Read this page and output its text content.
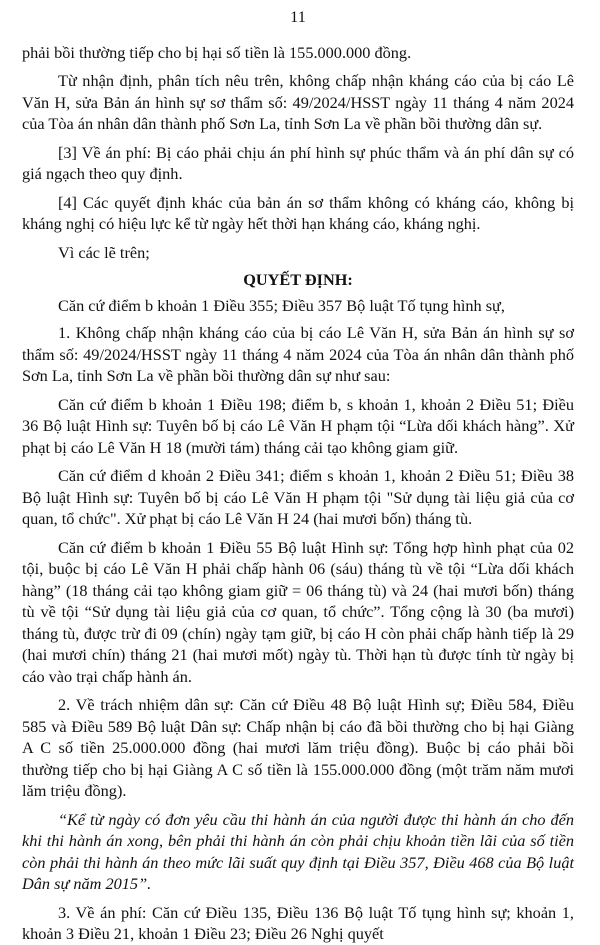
11

phải bồi thường tiếp cho bị hại số tiền là 155.000.000 đồng.

Từ nhận định, phân tích nêu trên, không chấp nhận kháng cáo của bị cáo Lê Văn H, sửa Bản án hình sự sơ thẩm số: 49/2024/HSST ngày 11 tháng 4 năm 2024 của Tòa án nhân dân thành phố Sơn La, tỉnh Sơn La về phần bồi thường dân sự.

[3] Về án phí: Bị cáo phải chịu án phí hình sự phúc thẩm và án phí dân sự có giá ngạch theo quy định.

[4] Các quyết định khác của bản án sơ thẩm không có kháng cáo, không bị kháng nghị có hiệu lực kể từ ngày hết thời hạn kháng cáo, kháng nghị.

Vì các lẽ trên;

QUYẾT ĐỊNH:

Căn cứ điểm b khoản 1 Điều 355; Điều 357 Bộ luật Tố tụng hình sự,

1. Không chấp nhận kháng cáo của bị cáo Lê Văn H, sửa Bản án hình sự sơ thẩm số: 49/2024/HSST ngày 11 tháng 4 năm 2024 của Tòa án nhân dân thành phố Sơn La, tỉnh Sơn La về phần bồi thường dân sự như sau:

Căn cứ điểm b khoản 1 Điều 198; điểm b, s khoản 1, khoản 2 Điều 51; Điều 36 Bộ luật Hình sự: Tuyên bố bị cáo Lê Văn H phạm tội “Lừa dối khách hàng”. Xử phạt bị cáo Lê Văn H 18 (mười tám) tháng cải tạo không giam giữ.

Căn cứ điểm d khoản 2 Điều 341; điểm s khoản 1, khoản 2 Điều 51; Điều 38 Bộ luật Hình sự: Tuyên bố bị cáo Lê Văn H phạm tội "Sử dụng tài liệu giả của cơ quan, tổ chức". Xử phạt bị cáo Lê Văn H 24 (hai mươi bốn) tháng tù.

Căn cứ điểm b khoản 1 Điều 55 Bộ luật Hình sự: Tổng hợp hình phạt của 02 tội, buộc bị cáo Lê Văn H phải chấp hành 06 (sáu) tháng tù về tội “Lừa dối khách hàng” (18 tháng cải tạo không giam giữ = 06 tháng tù) và 24 (hai mươi bốn) tháng tù về tội “Sử dụng tài liệu giả của cơ quan, tổ chức”. Tổng cộng là 30 (ba mươi) tháng tù, được trừ đi 09 (chín) ngày tạm giữ, bị cáo H còn phải chấp hành tiếp là 29 (hai mươi chín) tháng 21 (hai mươi mốt) ngày tù. Thời hạn tù được tính từ ngày bị cáo vào trại chấp hành án.

2. Về trách nhiệm dân sự: Căn cứ Điều 48 Bộ luật Hình sự; Điều 584, Điều 585 và Điều 589 Bộ luật Dân sự: Chấp nhận bị cáo đã bồi thường cho bị hại Giàng A C số tiền 25.000.000 đồng (hai mươi lăm triệu đồng). Buộc bị cáo phải bồi thường tiếp cho bị hại Giàng A C số tiền là 155.000.000 đồng (một trăm năm mươi lăm triệu đồng).

“Kể từ ngày có đơn yêu cầu thi hành án của người được thi hành án cho đến khi thi hành án xong, bên phải thi hành án còn phải chịu khoản tiền lãi của số tiền còn phải thi hành án theo mức lãi suất quy định tại Điều 357, Điều 468 của Bộ luật Dân sự năm 2015”.

3. Về án phí: Căn cứ Điều 135, Điều 136 Bộ luật Tố tụng hình sự; khoản 1, khoản 3 Điều 21, khoản 1 Điều 23; Điều 26 Nghị quyết
